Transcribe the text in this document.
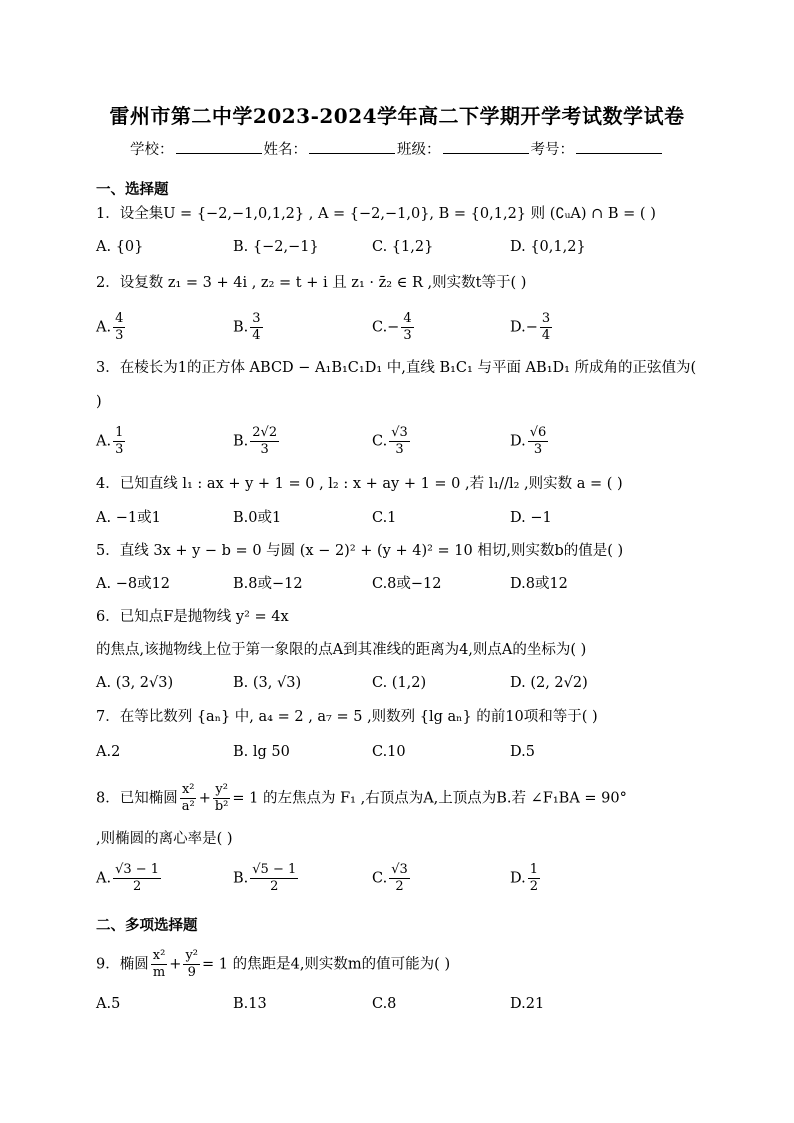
雷州市第二中学2023-2024学年高二下学期开学考试数学试卷
学校：	姓名：	班级：	考号：
一、选择题
1．设全集U = {−2,−1,0,1,2} , A = {−2,−1,0}, B = {0,1,2} 则 (∁ᵤA) ∩ B = ( )
A. {0}	B. {−2,−1}	C. {1,2}	D. {0,1,2}
2．设复数 z₁ = 3 + 4i , z₂ = t + i 且 z₁ · z̄₂ ∈ R ,则实数t等于( )
A. $\frac{4}{3}$	B. $\frac{3}{4}$	$C.- \frac{4}{3}$	$D.- \frac{3}{4}$
3．在棱长为1的正方体 ABCD − A₁B₁C₁D₁ 中,直线 B₁C₁ 与平面 AB₁D₁ 所成角的正弦值为(
)
A. $\frac{1}{3}$	B. $\frac{2√2}{3}$	C. $\frac{√3}{3}$	D. $\frac{√6}{3}$
4．已知直线 l₁ : ax + y + 1 = 0 , l₂ : x + ay + 1 = 0 ,若 l₁//l₂ ,则实数 a = ( )
A. −1或1	B.0或1	C.1	D. −1
5．直线 3x + y − b = 0 与圆 (x − 2)² + (y + 4)² = 10 相切,则实数b的值是( )
A. −8或12	B.8或−12	C.8或−12	D.8或12
6．已知点F是抛物线 y² = 4x
的焦点,该抛物线上位于第一象限的点A到其准线的距离为4,则点A的坐标为( )
A. (3, 2√3)	B. (3, √3)	C. (1,2)	D. (2, 2√2)
7．在等比数列 {aₙ} 中, a₄ = 2 , a₇ = 5 ,则数列 {lg aₙ} 的前10项和等于( )
A.2	B. lg 50	C.10	D.5
8．已知椭圆 $\frac{\text{x²}}{\text{a²}} + \frac{\text{y²}}{\text{b²}} = 1$ 的左焦点为 F₁ ,右顶点为A,上顶点为B.若 ∠F₁BA = 90°
,则椭圆的离心率是( )
A. $\frac{√3 - 1}{2}$	B. $\frac{√5 - 1}{2}$	C. $\frac{√3}{2}$	D. $\frac{1}{2}$
二、多项选择题
9．椭圆 $\frac{\text{x²}}{m} + \frac{\text{y²}}{9} = 1$ 的焦距是4,则实数m的值可能为( )
A.5	B.13	C.8	D.21
